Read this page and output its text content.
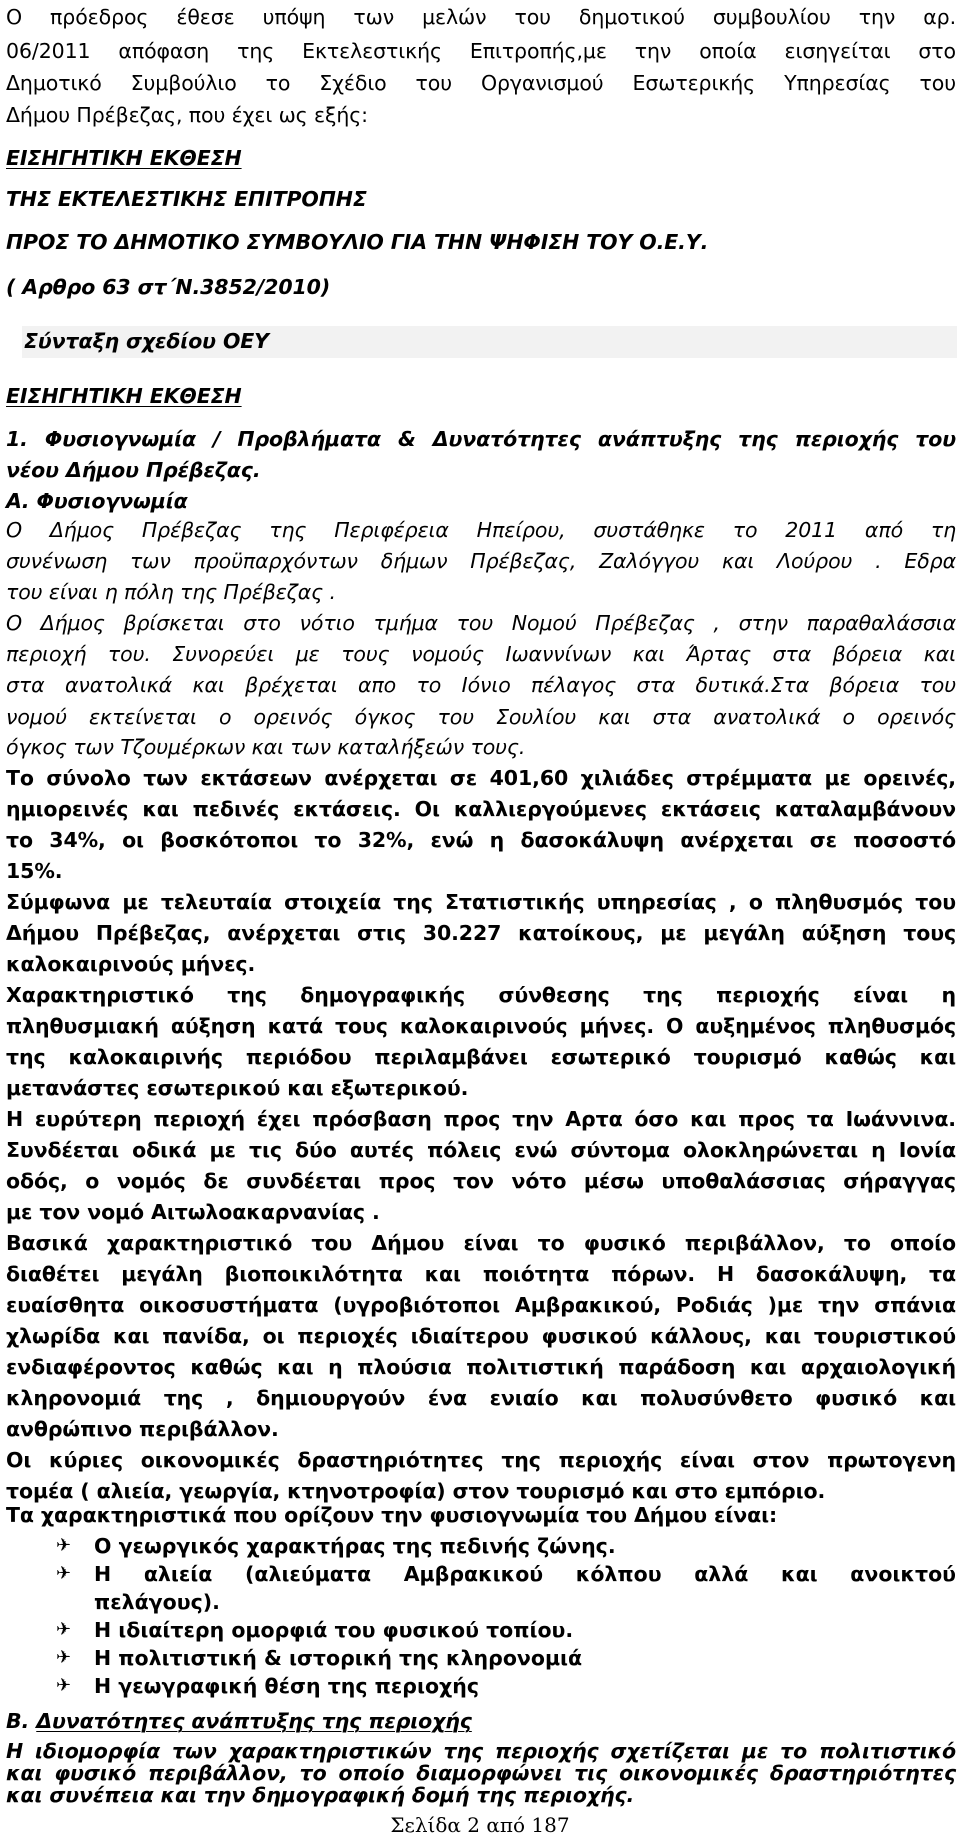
Ο πρόεδρος έθεσε υπόψη των μελών του δημοτικού συμβουλίου την αρ.
06/2011 απόφαση της Εκτελεστικής Επιτροπής,με την οποία εισηγείται στο
Δημοτικό Συμβούλιο το Σχέδιο του Οργανισμού Εσωτερικής Υπηρεσίας του
Δήμου Πρέβεζας, που έχει ως εξής:
ΕΙΣΗΓΗΤΙΚΗ ΕΚΘΕΣΗ
ΤΗΣ ΕΚΤΕΛΕΣΤΙΚΗΣ ΕΠΙΤΡΟΠΗΣ
ΠΡΟΣ ΤΟ ΔΗΜΟΤΙΚΟ ΣΥΜΒΟΥΛΙΟ ΓΙΑ ΤΗΝ ΨΗΦΙΣΗ ΤΟΥ Ο.Ε.Υ.
( Αρθρο 63 στ΄Ν.3852/2010)
Σύνταξη σχεδίου ΟΕΥ
ΕΙΣΗΓΗΤΙΚΗ ΕΚΘΕΣΗ
1. Φυσιογνωμία / Προβλήματα & Δυνατότητες ανάπτυξης της περιοχής του
νέου Δήμου Πρέβεζας.
Α. Φυσιογνωμία
Ο Δήμος Πρέβεζας της Περιφέρεια Ηπείρου, συστάθηκε το 2011 από τη
συνένωση των προϋπαρχόντων δήμων Πρέβεζας, Ζαλόγγου και Λούρου . Εδρα
του είναι η πόλη της Πρέβεζας .
Ο Δήμος βρίσκεται στο νότιο τμήμα του Νομού Πρέβεζας , στην παραθαλάσσια
περιοχή του. Συνορεύει με τους νομούς Ιωαννίνων και Άρτας στα βόρεια και
στα ανατολικά και βρέχεται απο το Ιόνιο πέλαγος στα δυτικά.Στα βόρεια του
νομού εκτείνεται ο ορεινός όγκος του Σουλίου και στα ανατολικά ο ορεινός
όγκος των Τζουμέρκων και των καταλήξεών τους.
Το σύνολο των εκτάσεων ανέρχεται σε 401,60 χιλιάδες στρέμματα με ορεινές,
ημιορεινές και πεδινές εκτάσεις. Οι καλλιεργούμενες εκτάσεις καταλαμβάνουν
το 34%, οι βοσκότοποι το 32%, ενώ η δασοκάλυψη ανέρχεται σε ποσοστό
15%.
Σύμφωνα με τελευταία στοιχεία της Στατιστικής υπηρεσίας , ο πληθυσμός του
Δήμου Πρέβεζας, ανέρχεται στις 30.227 κατοίκους, με μεγάλη αύξηση τους
καλοκαιρινούς μήνες.
Χαρακτηριστικό της δημογραφικής σύνθεσης της περιοχής είναι η
πληθυσμιακή αύξηση κατά τους καλοκαιρινούς μήνες. Ο αυξημένος πληθυσμός
της καλοκαιρινής περιόδου περιλαμβάνει εσωτερικό τουρισμό καθώς και
μετανάστες εσωτερικού και εξωτερικού.
Η ευρύτερη περιοχή έχει πρόσβαση προς την Αρτα όσο και προς τα Ιωάννινα.
Συνδέεται οδικά με τις δύο αυτές πόλεις ενώ σύντομα ολοκληρώνεται η Ιονία
οδός, ο νομός δε συνδέεται προς τον νότο μέσω υποθαλάσσιας σήραγγας
με τον νομό Αιτωλοακαρνανίας .
Βασικά χαρακτηριστικό του Δήμου είναι το φυσικό περιβάλλον, το οποίο
διαθέτει μεγάλη βιοποικιλότητα και ποιότητα πόρων. Η δασοκάλυψη, τα
ευαίσθητα οικοσυστήματα (υγροβιότοποι Αμβρακικού, Ροδιάς )με την σπάνια
χλωρίδα και πανίδα, οι περιοχές ιδιαίτερου φυσικού κάλλους, και τουριστικού
ενδιαφέροντος καθώς και η πλούσια πολιτιστική παράδοση και αρχαιολογική
κληρονομιά της , δημιουργούν ένα ενιαίο και πολυσύνθετο φυσικό και
ανθρώπινο περιβάλλον.
Οι κύριες οικονομικές δραστηριότητες της περιοχής είναι στον πρωτογενη
τομέα ( αλιεία, γεωργία, κτηνοτροφία) στον τουρισμό και στο εμπόριο.
Τα χαρακτηριστικά που ορίζουν την φυσιογνωμία του Δήμου είναι:
✈	Ο γεωργικός χαρακτήρας της πεδινής ζώνης.
✈	Η αλιεία (αλιεύματα Αμβρακικού κόλπου αλλά και ανοικτού
πελάγους).
✈	Η ιδιαίτερη ομορφιά του φυσικού τοπίου.
✈	Η πολιτιστική & ιστορική της κληρονομιά
✈	Η γεωγραφική θέση της περιοχής
Β. Δυνατότητες ανάπτυξης της περιοχής
Σελίδα 2 από 187
Η ιδιομορφία των χαρακτηριστικών της περιοχής σχετίζεται με το πολιτιστικό
και φυσικό περιβάλλον, το οποίο διαμορφώνει τις οικονομικές δραστηριότητες
και συνέπεια και την δημογραφική δομή της περιοχής.
